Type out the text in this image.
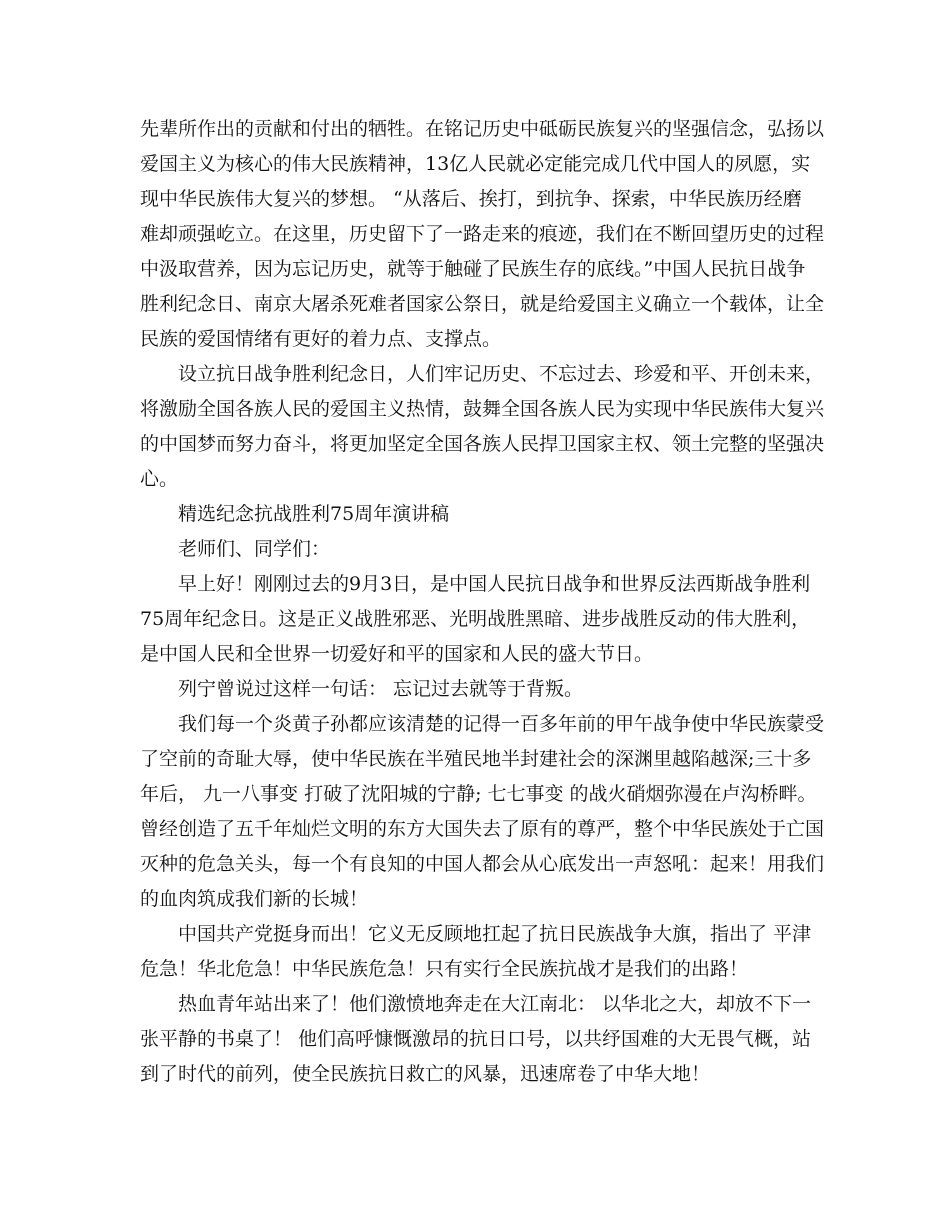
先辈所作出的贡献和付出的牺牲。在铭记历史中砥砺民族复兴的坚强信念，弘扬以
爱国主义为核心的伟大民族精神，13亿人民就必定能完成几代中国人的夙愿，实
现中华民族伟大复兴的梦想。 “从落后、挨打，到抗争、探索，中华民族历经磨
难却顽强屹立。在这里，历史留下了一路走来的痕迹，我们在不断回望历史的过程
中汲取营养，因为忘记历史，就等于触碰了民族生存的底线。”中国人民抗日战争
胜利纪念日、南京大屠杀死难者国家公祭日，就是给爱国主义确立一个载体，让全
民族的爱国情绪有更好的着力点、支撑点。
设立抗日战争胜利纪念日，人们牢记历史、不忘过去、珍爱和平、开创未来，
将激励全国各族人民的爱国主义热情，鼓舞全国各族人民为实现中华民族伟大复兴
的中国梦而努力奋斗，将更加坚定全国各族人民捍卫国家主权、领土完整的坚强决
心。
精选纪念抗战胜利75周年演讲稿
老师们、同学们：
早上好！刚刚过去的9月3日，是中国人民抗日战争和世界反法西斯战争胜利
75周年纪念日。这是正义战胜邪恶、光明战胜黑暗、进步战胜反动的伟大胜利，
是中国人民和全世界一切爱好和平的国家和人民的盛大节日。
列宁曾说过这样一句话： 忘记过去就等于背叛。
我们每一个炎黄子孙都应该清楚的记得一百多年前的甲午战争使中华民族蒙受
了空前的奇耻大辱，使中华民族在半殖民地半封建社会的深渊里越陷越深;三十多
年后， 九一八事变 打破了沈阳城的宁静; 七七事变 的战火硝烟弥漫在卢沟桥畔。
曾经创造了五千年灿烂文明的东方大国失去了原有的尊严，整个中华民族处于亡国
灭种的危急关头，每一个有良知的中国人都会从心底发出一声怒吼：起来！用我们
的血肉筑成我们新的长城！
中国共产党挺身而出！它义无反顾地扛起了抗日民族战争大旗，指出了 平津
危急！华北危急！中华民族危急！只有实行全民族抗战才是我们的出路！
热血青年站出来了！他们激愤地奔走在大江南北： 以华北之大，却放不下一
张平静的书桌了！ 他们高呼慷慨激昂的抗日口号，以共纾国难的大无畏气概，站
到了时代的前列，使全民族抗日救亡的风暴，迅速席卷了中华大地！
